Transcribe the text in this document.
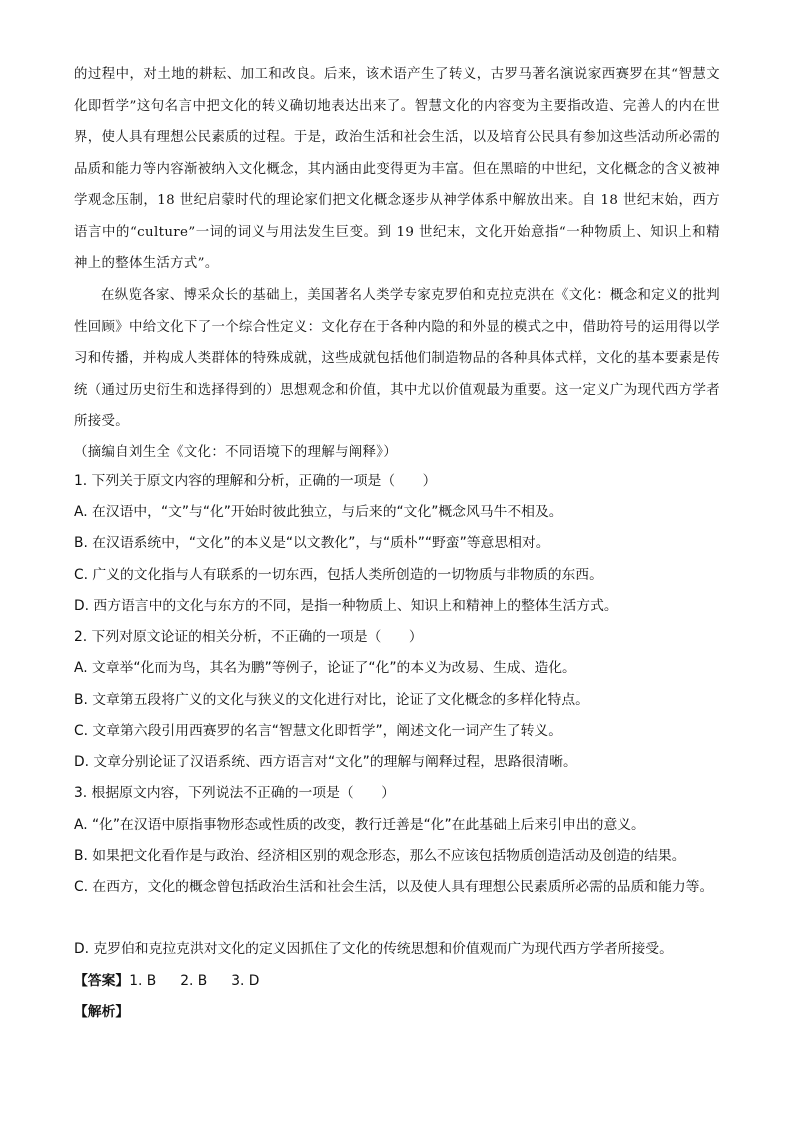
的过程中，对土地的耕耘、加工和改良。后来，该术语产生了转义，古罗马著名演说家西赛罗在其“智慧文化即哲学”这句名言中把文化的转义确切地表达出来了。智慧文化的内容变为主要指改造、完善人的内在世界，使人具有理想公民素质的过程。于是，政治生活和社会生活，以及培育公民具有参加这些活动所必需的品质和能力等内容渐被纳入文化概念，其内涵由此变得更为丰富。但在黑暗的中世纪，文化概念的含义被神学观念压制，18 世纪启蒙时代的理论家们把文化概念逐步从神学体系中解放出来。自 18 世纪末始，西方语言中的“culture”一词的词义与用法发生巨变。到 19 世纪末，文化开始意指“一种物质上、知识上和精神上的整体生活方式”。

在纵览各家、博采众长的基础上，美国著名人类学专家克罗伯和克拉克洪在《文化：概念和定义的批判性回顾》中给文化下了一个综合性定义：文化存在于各种内隐的和外显的模式之中，借助符号的运用得以学习和传播，并构成人类群体的特殊成就，这些成就包括他们制造物品的各种具体式样，文化的基本要素是传统（通过历史衍生和选择得到的）思想观念和价值，其中尤以价值观最为重要。这一定义广为现代西方学者所接受。

（摘编自刘生全《文化：不同语境下的理解与阐释》）

1. 下列关于原文内容的理解和分析，正确的一项是（　　）

A. 在汉语中，“文”与“化”开始时彼此独立，与后来的“文化”概念风马牛不相及。

B. 在汉语系统中，“文化”的本义是“以文教化”，与“质朴”“野蛮”等意思相对。

C. 广义的文化指与人有联系的一切东西，包括人类所创造的一切物质与非物质的东西。

D. 西方语言中的文化与东方的不同，是指一种物质上、知识上和精神上的整体生活方式。

2. 下列对原文论证的相关分析，不正确的一项是（　　）

A. 文章举“化而为鸟，其名为鹏”等例子，论证了“化”的本义为改易、生成、造化。

B. 文章第五段将广义的文化与狭义的文化进行对比，论证了文化概念的多样化特点。

C. 文章第六段引用西赛罗的名言“智慧文化即哲学”，阐述文化一词产生了转义。

D. 文章分别论证了汉语系统、西方语言对“文化”的理解与阐释过程，思路很清晰。

3. 根据原文内容，下列说法不正确的一项是（　　）

A. “化”在汉语中原指事物形态或性质的改变，教行迁善是“化”在此基础上后来引申出的意义。

B. 如果把文化看作是与政治、经济相区别的观念形态，那么不应该包括物质创造活动及创造的结果。

C. 在西方，文化的概念曾包括政治生活和社会生活，以及使人具有理想公民素质所必需的品质和能力等。

D. 克罗伯和克拉克洪对文化的定义因抓住了文化的传统思想和价值观而广为现代西方学者所接受。

【答案】1. B 2. B 3. D

【解析】
